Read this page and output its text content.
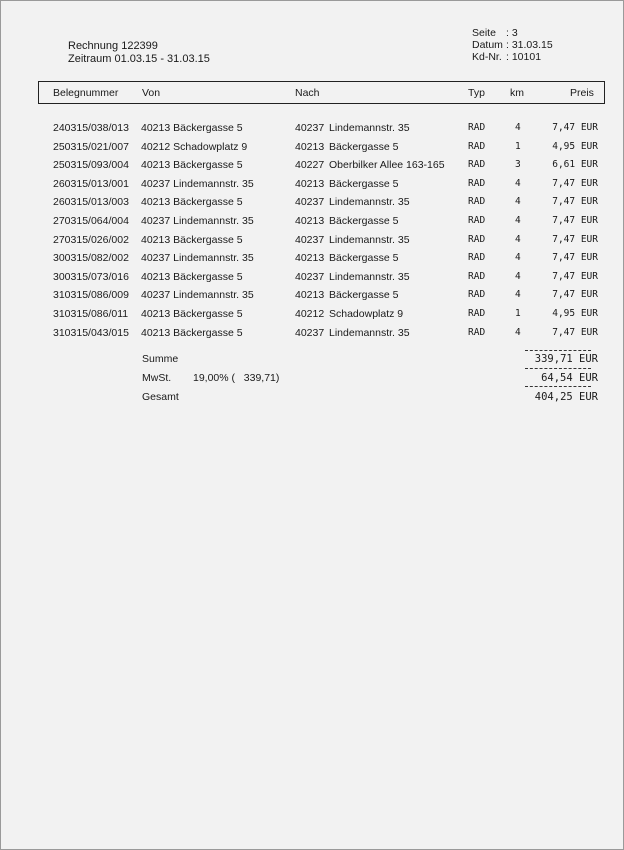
Rechnung 122399
Zeitraum 01.03.15 - 31.03.15
Seite : 3
Datum : 31.03.15
Kd-Nr. : 10101
Belegnummer Von	Nach	Typ km	Preis
240315/038/013 40213 Bäckergasse 5	40237 Lindemannstr. 35	RAD	4	7,47 EUR
250315/021/007 40212 Schadowplatz 9	40213 Bäckergasse 5	RAD	1	4,95 EUR
250315/093/004 40213 Bäckergasse 5	40227 Oberbilker Allee 163-165 RAD	3	6,61 EUR
260315/013/001 40237 Lindemannstr. 35	40213 Bäckergasse 5	RAD	4	7,47 EUR
260315/013/003 40213 Bäckergasse 5	40237 Lindemannstr. 35	RAD	4	7,47 EUR
270315/064/004 40237 Lindemannstr. 35	40213 Bäckergasse 5	RAD	4	7,47 EUR
270315/026/002 40213 Bäckergasse 5	40237 Lindemannstr. 35	RAD	4	7,47 EUR
300315/082/002 40237 Lindemannstr. 35	40213 Bäckergasse 5	RAD	4	7,47 EUR
300315/073/016 40213 Bäckergasse 5	40237 Lindemannstr. 35	RAD	4	7,47 EUR
310315/086/009 40237 Lindemannstr. 35	40213 Bäckergasse 5	RAD	4	7,47 EUR
310315/086/011 40213 Bäckergasse 5	40212 Schadowplatz 9	RAD	1	4,95 EUR
310315/043/015 40213 Bäckergasse 5	40237 Lindemannstr. 35	RAD	4	7,47 EUR
Summe	339,71 EUR
MwSt. 19,00% (   339,71)	64,54 EUR
Gesamt	404,25 EUR
